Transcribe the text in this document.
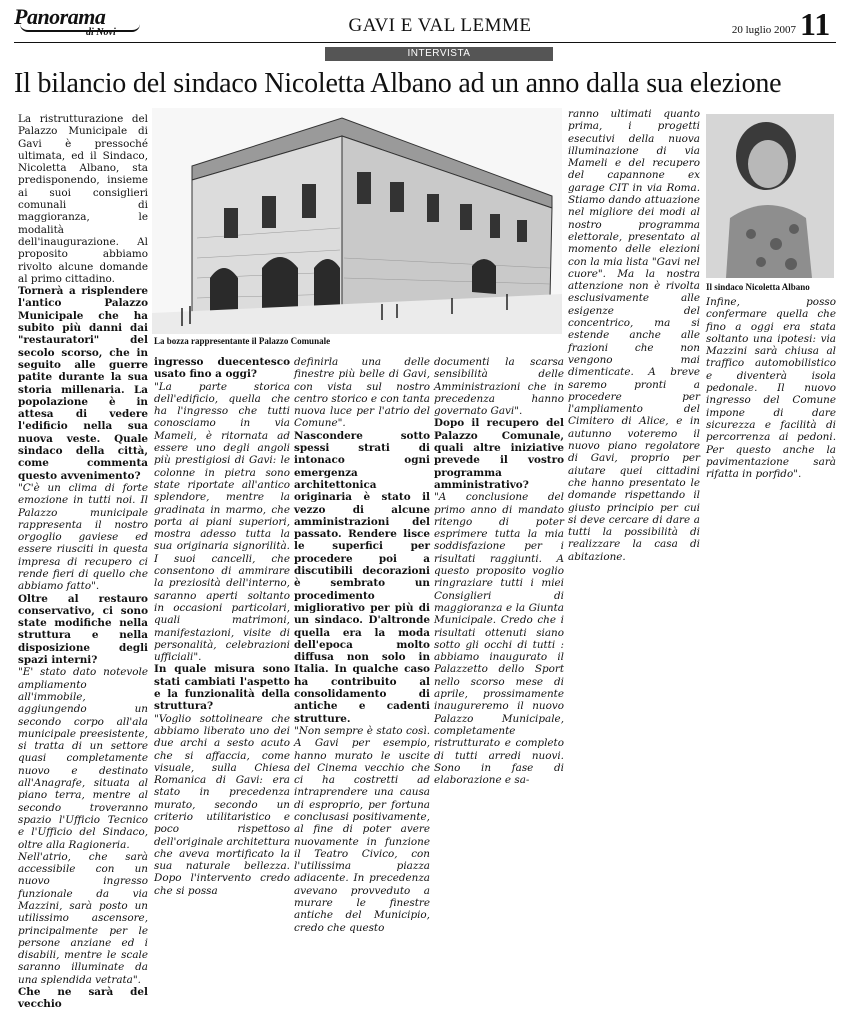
Panorama
di Novi	GAVI E VAL LEMME	20 luglio 2007 11
INTERVISTA
Il bilancio del sindaco Nicoletta Albano ad un anno dalla sua elezione
La bozza rappresentante il Palazzo Comunale
Il sindaco Nicoletta Albano

La ristrutturazione del Palazzo Municipale di Gavi è pressoché ultimata, ed il Sindaco, Nicoletta Albano, sta predisponendo, insieme ai suoi consiglieri comunali di maggioranza, le modalità dell'inaugurazione. Al proposito abbiamo rivolto alcune domande al primo cittadino.

Tornerà a risplendere l'antico Palazzo Municipale che ha subito più danni dai "restauratori" del secolo scorso, che in seguito alle guerre patite durante la sua storia millenaria. La popolazione è in attesa di vedere l'edificio nella sua nuova veste. Quale sindaco della città, come commenta questo avvenimento?

"C'è un clima di forte emozione in tutti noi. Il Palazzo municipale rappresenta il nostro orgoglio gaviese ed essere riusciti in questa impresa di recupero ci rende fieri di quello che abbiamo fatto".

Oltre al restauro conservativo, ci sono state modifiche nella struttura e nella disposizione degli spazi interni?

"E' stato dato notevole ampliamento all'immobile, aggiungendo un secondo corpo all'ala municipale preesistente, si tratta di un settore quasi completamente nuovo e destinato all'Anagrafe, situata al piano terra, mentre al secondo troveranno spazio l'Ufficio Tecnico e l'Ufficio del Sindaco, oltre alla Ragioneria.

Nell'atrio, che sarà accessibile con un nuovo ingresso funzionale da via Mazzini, sarà posto un utilissimo ascensore, principalmente per le persone anziane ed i disabili, mentre le scale saranno illuminate da una splendida vetrata".

Che ne sarà del vecchio

ingresso duecentesco usato fino a oggi?

"La parte storica dell'edificio, quella che ha l'ingresso che tutti conosciamo in via Mameli, è ritornata ad essere uno degli angoli più prestigiosi di Gavi: le colonne in pietra sono state riportate all'antico splendore, mentre la gradinata in marmo, che porta ai piani superiori, mostra adesso tutta la sua originaria signorilità. I suoi cancelli, che consentono di ammirare la preziosità dell'interno, saranno aperti soltanto in occasioni particolari, quali matrimoni, manifestazioni, visite di personalità, celebrazioni ufficiali".

In quale misura sono stati cambiati l'aspetto e la funzionalità della struttura?

"Voglio sottolineare che abbiamo liberato uno dei due archi a sesto acuto che si affaccia, come visuale, sulla Chiesa Romanica di Gavi: era stato in precedenza murato, secondo un criterio utilitaristico e poco rispettoso dell'originale architettura che aveva mortificato la sua naturale bellezza. Dopo l'intervento credo che si possa

definirla una delle finestre più belle di Gavi, con vista sul nostro centro storico e con tanta nuova luce per l'atrio del Comune".

Nascondere sotto spessi strati di intonaco ogni emergenza architettonica originaria è stato il vezzo di alcune amministrazioni del passato. Rendere lisce le superfici per procedere poi a discutibili decorazioni è sembrato un procedimento migliorativo per più di un sindaco. D'altronde quella era la moda dell'epoca molto diffusa non solo in Italia. In qualche caso ha contribuito al consolidamento di antiche e cadenti strutture.

"Non sempre è stato così. A Gavi per esempio, hanno murato le uscite del Cinema vecchio che ci ha costretti ad intraprendere una causa di esproprio, per fortuna conclusasi positivamente, al fine di poter avere nuovamente in funzione il Teatro Civico, con l'utilissima piazza adiacente. In precedenza avevano provveduto a murare le finestre antiche del Municipio, credo che questo

documenti la scarsa sensibilità delle Amministrazioni che in precedenza hanno governato Gavi".

Dopo il recupero del Palazzo Comunale, quali altre iniziative prevede il vostro programma amministrativo?

"A conclusione del primo anno di mandato ritengo di poter esprimere tutta la mia soddisfazione per i risultati raggiunti. A questo proposito voglio ringraziare tutti i miei Consiglieri di maggioranza e la Giunta Municipale. Credo che i risultati ottenuti siano sotto gli occhi di tutti : abbiamo inaugurato il Palazzetto dello Sport nello scorso mese di aprile, prossimamente inaugureremo il nuovo Palazzo Municipale, completamente ristrutturato e completo di tutti arredi nuovi. Sono in fase di elaborazione e sa-

ranno ultimati quanto prima, i progetti esecutivi della nuova illuminazione di via Mameli e del recupero del capannone ex garage CIT in via Roma. Stiamo dando attuazione nel migliore dei modi al nostro programma elettorale, presentato al momento delle elezioni con la mia lista "Gavi nel cuore". Ma la nostra attenzione non è rivolta esclusivamente alle esigenze del concentrico, ma si estende anche alle frazioni che non vengono mai dimenticate. A breve saremo pronti a procedere per l'ampliamento del Cimitero di Alice, e in autunno voteremo il nuovo piano regolatore di Gavi, proprio per aiutare quei cittadini che hanno presentato le domande rispettando il giusto principio per cui si deve cercare di dare a tutti la possibilità di realizzare la casa di abitazione.

Infine, posso confermare quella che fino a oggi era stata soltanto una ipotesi: via Mazzini sarà chiusa al traffico automobilistico e diventerà isola pedonale. Il nuovo ingresso del Comune impone di dare sicurezza e facilità di percorrenza ai pedoni. Per questo anche la pavimentazione sarà rifatta in porfido".
